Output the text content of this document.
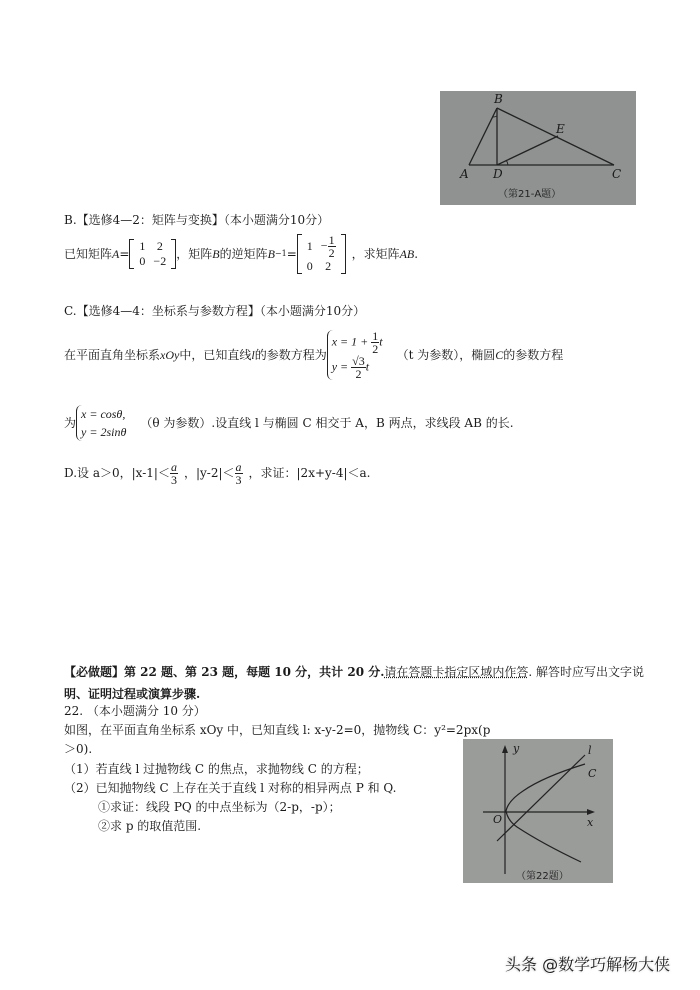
B
E
A D	C
（第21-A题）
B.【选修4—2：矩阵与变换】（本小题满分10分）
已知矩阵 A =
1	2
0	−2 ，矩阵 B 的逆矩阵 B −1 =
1	− $\frac{1}{2}$

0	2
，求矩阵 AB .
C.【选修4—4：坐标系与参数方程】（本小题满分10分）
在平面直角坐标系 xOy 中，已知直线 l 的参数方程为
$x = 1 + \frac{1}{2}$ t
$y = \frac{√3}{2}$ t
（t 为参数），椭圆 C 的参数方程
为
x = cosθ,
y = 2sinθ
（θ 为参数）.设直线 l 与椭圆 C 相交于 A，B 两点，求线段 AB 的长.
D.设 a＞0，$|x-1|< \frac{a}{3}$ ，$|y-2|< \frac{a}{3}$ ，求证：|2x+y-4|＜a.
【必做题】第 22 题、第 23 题，每题 10 分，共计 20 分.请在答题卡指定区域内作答. 解答时应写出文字说
明、证明过程或演算步骤.
22. （本小题满分 10 分）
如图，在平面直角坐标系 xOy 中，已知直线 l: x-y-2=0，抛物线 C：y²=2px(p
＞0).
（1）若直线 l 过抛物线 C 的焦点，求抛物线 C 的方程；
（2）已知抛物线 C 上存在关于直线 l 对称的相异两点 P 和 Q.
①求证：线段 PQ 的中点坐标为（2-p，-p）；
②求 p 的取值范围.
y
x
O
l
C
（第22题）
头条 @数学巧解杨大侠
